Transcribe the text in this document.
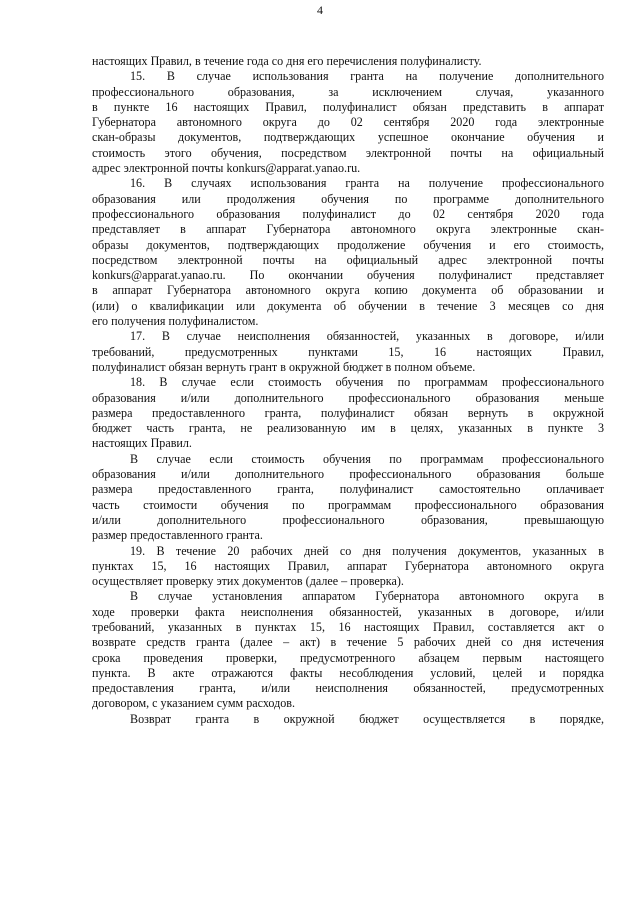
4
настоящих Правил, в течение года со дня его перечисления полуфиналисту.
15. В случае использования гранта на получение дополнительного
профессионального образования, за исключением случая, указанного
в пункте 16 настоящих Правил, полуфиналист обязан представить в аппарат
Губернатора автономного округа до 02 сентября 2020 года электронные
скан-образы документов, подтверждающих успешное окончание обучения и
стоимость этого обучения, посредством электронной почты на официальный
адрес электронной почты konkurs@apparat.yanao.ru.
16. В случаях использования гранта на получение профессионального
образования или продолжения обучения по программе дополнительного
профессионального образования полуфиналист до 02 сентября 2020 года
представляет в аппарат Губернатора автономного округа электронные скан-
образы документов, подтверждающих продолжение обучения и его стоимость,
посредством электронной почты на официальный адрес электронной почты
konkurs@apparat.yanao.ru. По окончании обучения полуфиналист представляет
в аппарат Губернатора автономного округа копию документа об образовании и
(или) о квалификации или документа об обучении в течение 3 месяцев со дня
его получения полуфиналистом.
17. В случае неисполнения обязанностей, указанных в договоре, и/или
требований, предусмотренных пунктами 15, 16 настоящих Правил,
полуфиналист обязан вернуть грант в окружной бюджет в полном объеме.
18. В случае если стоимость обучения по программам профессионального
образования и/или дополнительного профессионального образования меньше
размера предоставленного гранта, полуфиналист обязан вернуть в окружной
бюджет часть гранта, не реализованную им в целях, указанных в пункте 3
настоящих Правил.
В случае если стоимость обучения по программам профессионального
образования и/или дополнительного профессионального образования больше
размера предоставленного гранта, полуфиналист самостоятельно оплачивает
часть стоимости обучения по программам профессионального образования
и/или дополнительного профессионального образования, превышающую
размер предоставленного гранта.
19. В течение 20 рабочих дней со дня получения документов, указанных в
пунктах 15, 16 настоящих Правил, аппарат Губернатора автономного округа
осуществляет проверку этих документов (далее – проверка).
В случае установления аппаратом Губернатора автономного округа в
ходе проверки факта неисполнения обязанностей, указанных в договоре, и/или
требований, указанных в пунктах 15, 16 настоящих Правил, составляется акт о
возврате средств гранта (далее – акт) в течение 5 рабочих дней со дня истечения
срока проведения проверки, предусмотренного абзацем первым настоящего
пункта. В акте отражаются факты несоблюдения условий, целей и порядка
предоставления гранта, и/или неисполнения обязанностей, предусмотренных
договором, с указанием сумм расходов.
Возврат гранта в окружной бюджет осуществляется в порядке,
